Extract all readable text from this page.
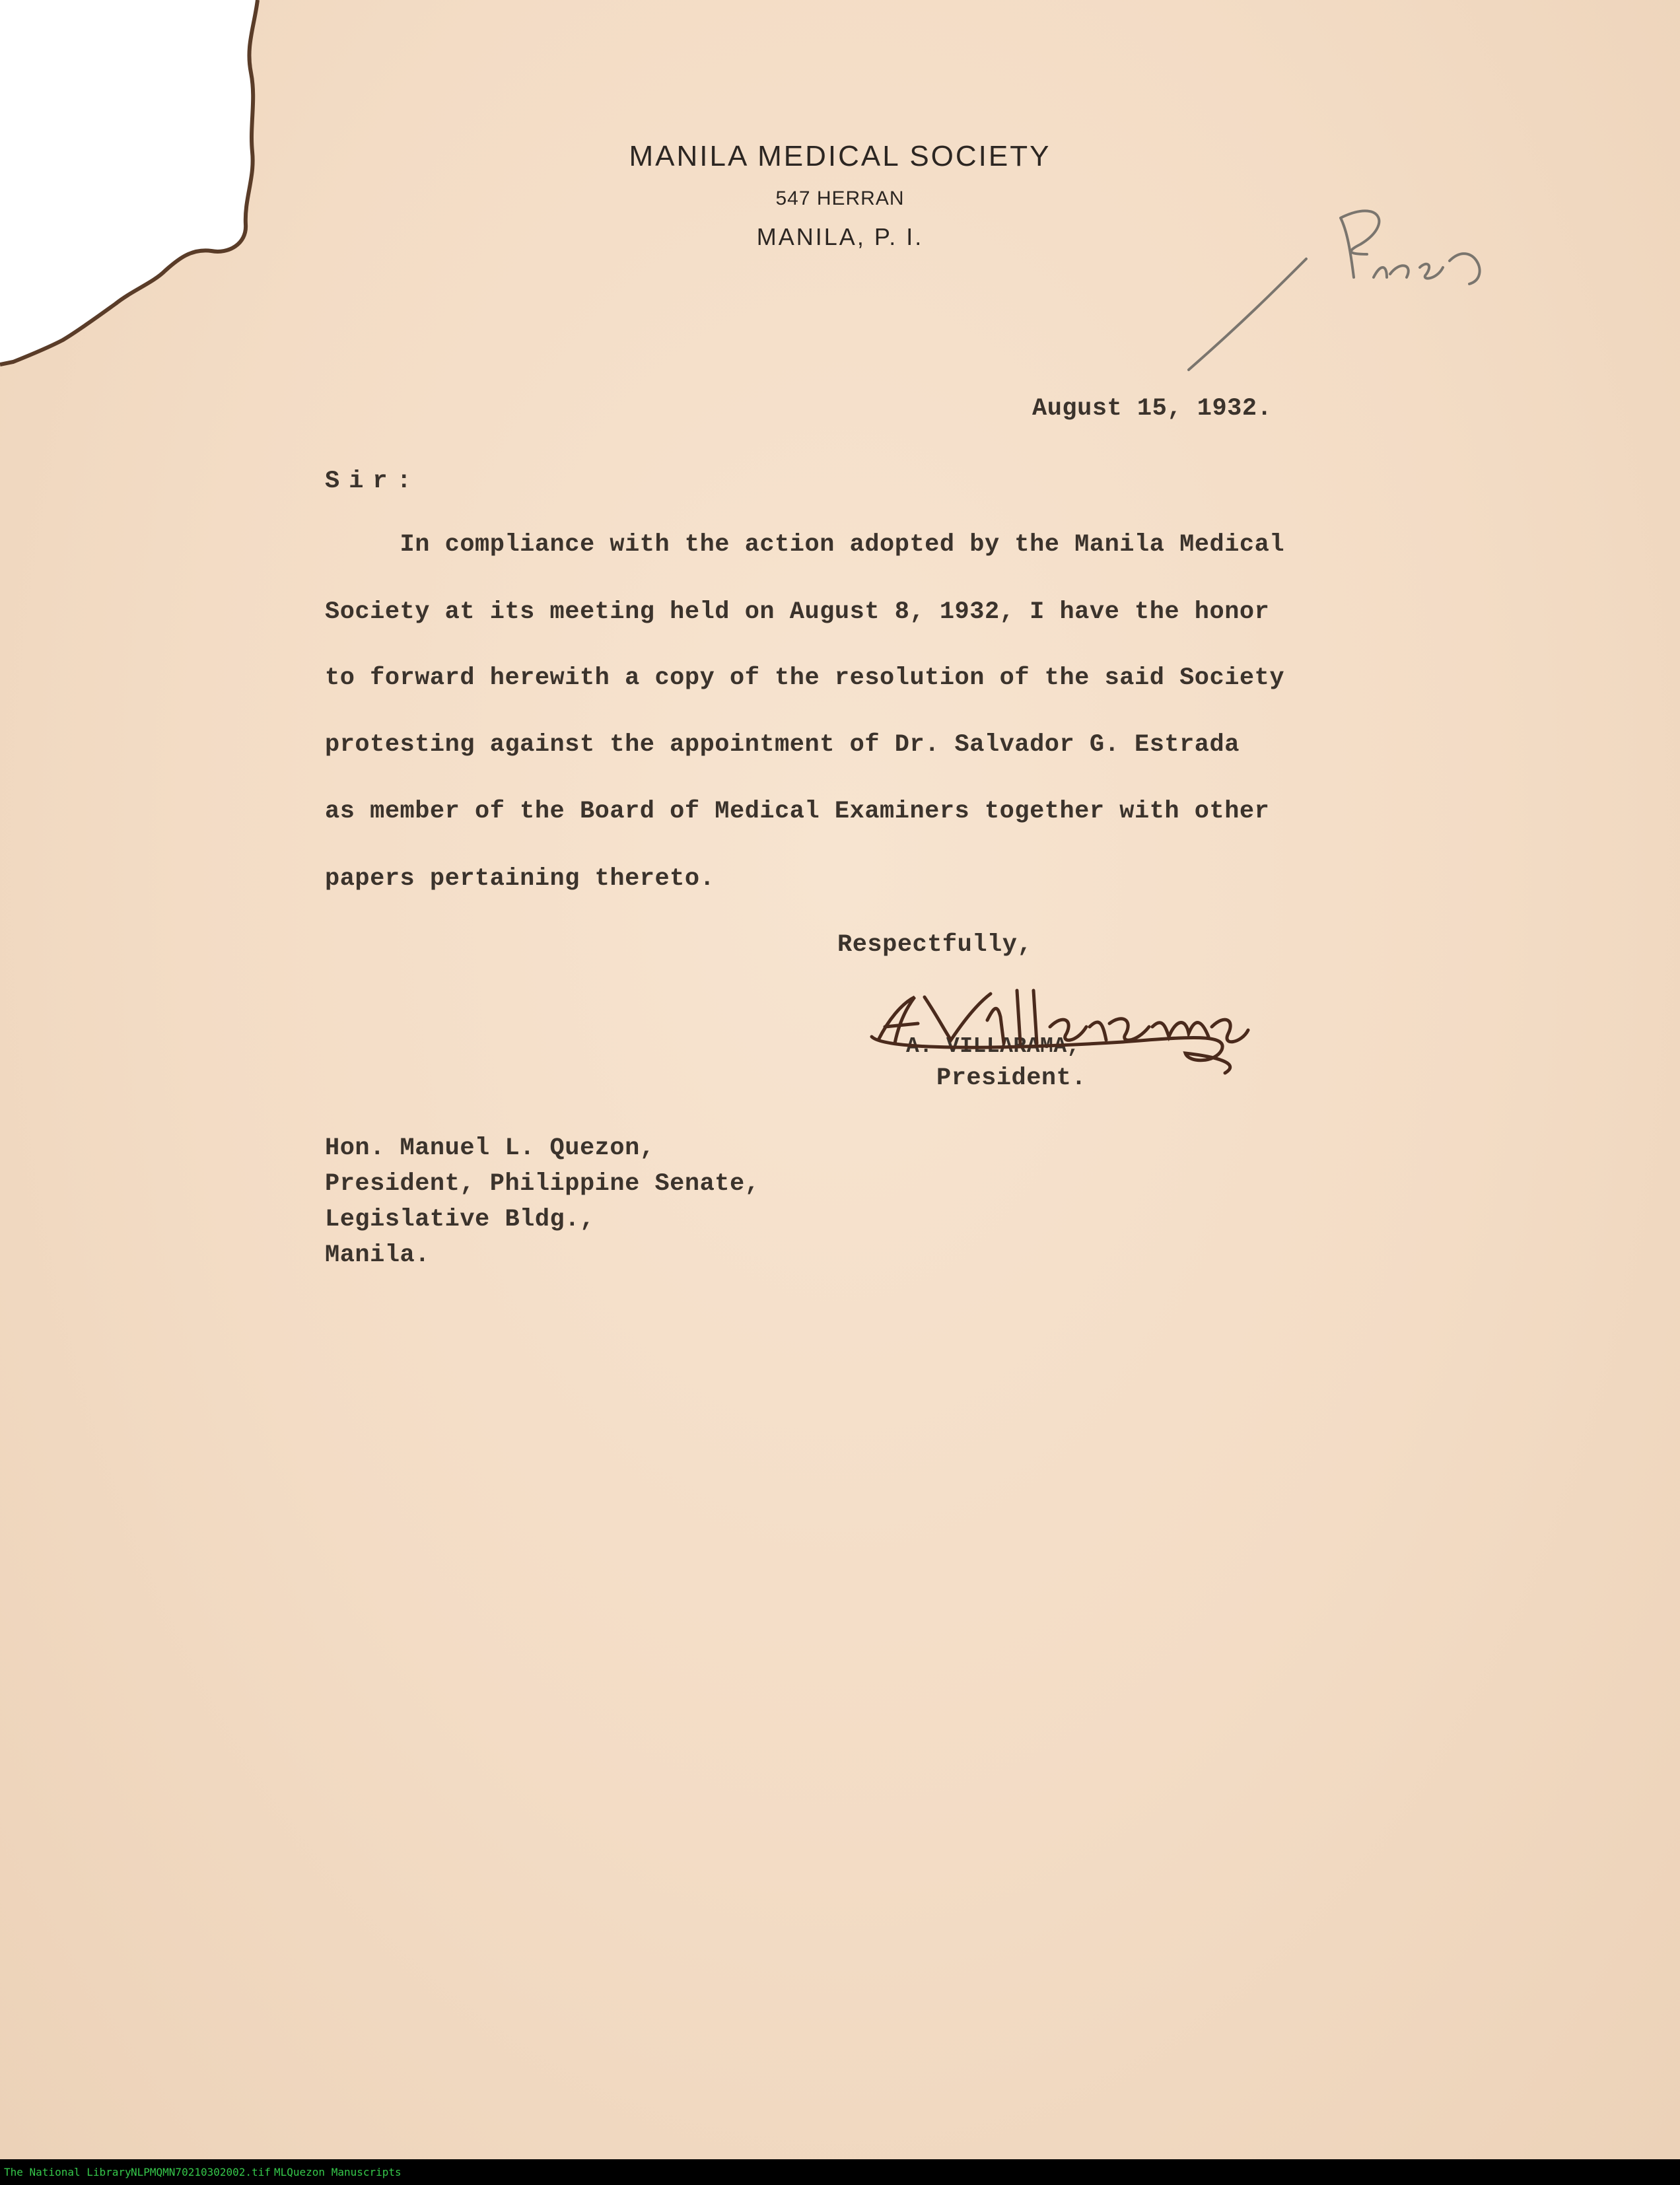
MANILA MEDICAL SOCIETY
547 HERRAN
MANILA, P. I.
August 15, 1932.
Sir:
In compliance with the action adopted by the Manila Medical
Society at its meeting held on August 8, 1932, I have the honor
to forward herewith a copy of the resolution of the said Society
protesting against the appointment of Dr. Salvador G. Estrada
as member of the Board of Medical Examiners together with other
papers pertaining thereto.
Respectfully,
A. VILLARAMA,
President.
Hon. Manuel L. Quezon,
President, Philippine Senate,
Legislative Bldg.,
Manila.
The National Library NLPMQMN70210302002.tif MLQuezon Manuscripts
